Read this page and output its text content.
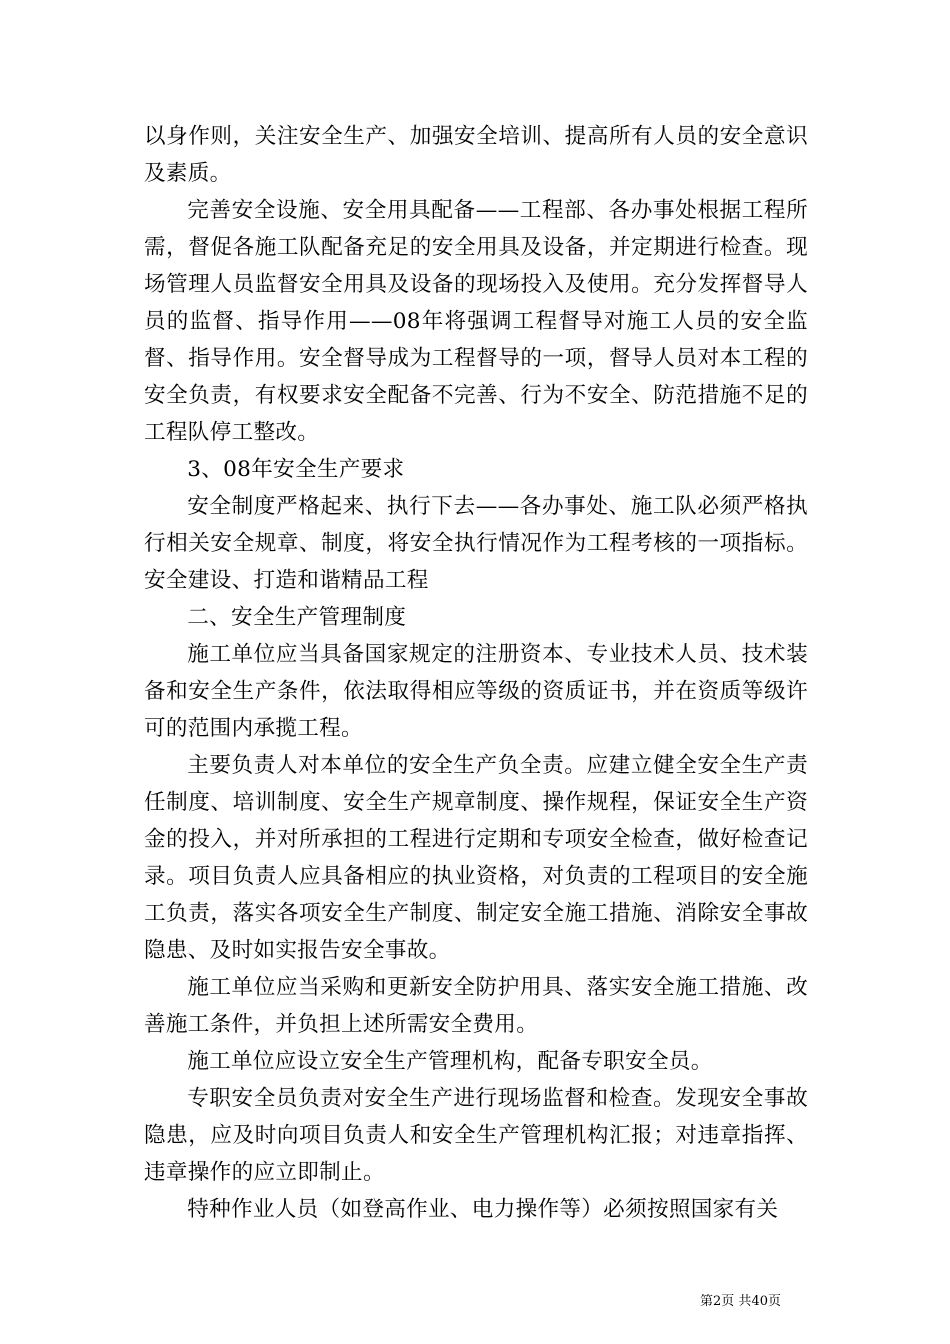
以身作则，关注安全生产、加强安全培训、提高所有人员的安全意识及素质。

完善安全设施、安全用具配备——工程部、各办事处根据工程所需，督促各施工队配备充足的安全用具及设备，并定期进行检查。现场管理人员监督安全用具及设备的现场投入及使用。充分发挥督导人员的监督、指导作用——08年将强调工程督导对施工人员的安全监督、指导作用。安全督导成为工程督导的一项，督导人员对本工程的安全负责，有权要求安全配备不完善、行为不安全、防范措施不足的工程队停工整改。

3、08年安全生产要求

安全制度严格起来、执行下去——各办事处、施工队必须严格执行相关安全规章、制度，将安全执行情况作为工程考核的一项指标。安全建设、打造和谐精品工程

二、安全生产管理制度

施工单位应当具备国家规定的注册资本、专业技术人员、技术装备和安全生产条件，依法取得相应等级的资质证书，并在资质等级许可的范围内承揽工程。

主要负责人对本单位的安全生产负全责。应建立健全安全生产责任制度、培训制度、安全生产规章制度、操作规程，保证安全生产资金的投入，并对所承担的工程进行定期和专项安全检查，做好检查记录。项目负责人应具备相应的执业资格，对负责的工程项目的安全施工负责，落实各项安全生产制度、制定安全施工措施、消除安全事故隐患、及时如实报告安全事故。

施工单位应当采购和更新安全防护用具、落实安全施工措施、改善施工条件，并负担上述所需安全费用。

施工单位应设立安全生产管理机构，配备专职安全员。

专职安全员负责对安全生产进行现场监督和检查。发现安全事故隐患，应及时向项目负责人和安全生产管理机构汇报；对违章指挥、违章操作的应立即制止。

特种作业人员（如登高作业、电力操作等）必须按照国家有关

第2页 共40页
